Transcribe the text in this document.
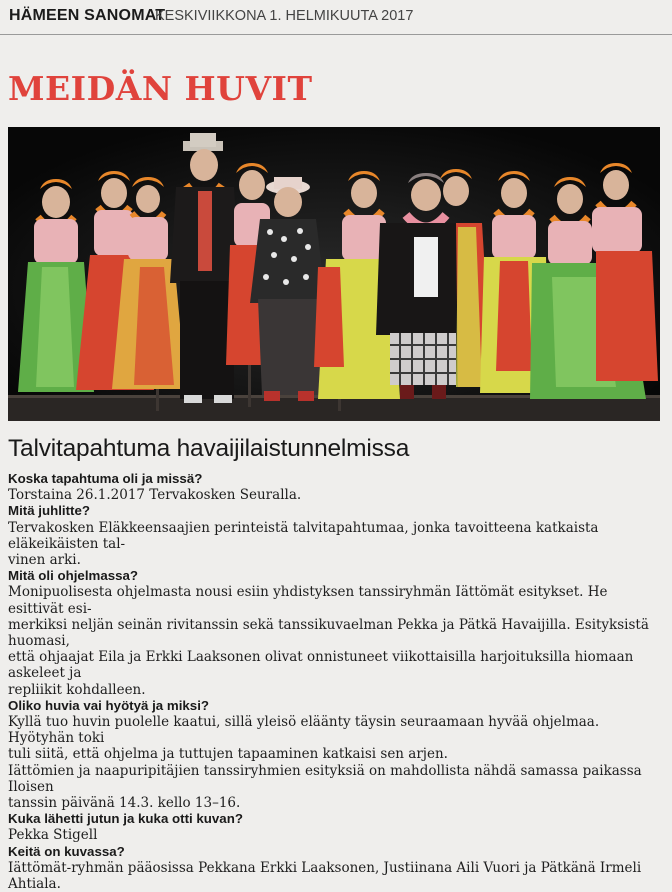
HÄMEEN SANOMAT
KESKIVIIKKONA 1. HELMIKUUTA 2017
MEIDÄN HUVIT
Talvitapahtuma havaijilaistunnelmissa
Koska tapahtuma oli ja missä?
Torstaina 26.1.2017 Tervakosken Seuralla.
Mitä juhlitte?
Tervakosken Eläkkeensaajien perinteistä talvitapahtumaa, jonka tavoitteena katkaista eläkeikäisten tal-
vinen arki.
Mitä oli ohjelmassa?
Monipuolisesta ohjelmasta nousi esiin yhdistyksen tanssiryhmän Iättömät esitykset. He esittivät esi-
merkiksi neljän seinän rivitanssin sekä tanssikuvaelman Pekka ja Pätkä Havaijilla. Esityksistä huomasi,
että ohjaajat Eila ja Erkki Laaksonen olivat onnistuneet viikottaisilla harjoituksilla hiomaan askeleet ja
repliikit kohdalleen.
Oliko huvia vai hyötyä ja miksi?
Kyllä tuo huvin puolelle kaatui, sillä yleisö eläänty täysin seuraamaan hyvää ohjelmaa. Hyötyhän toki
tuli siitä, että ohjelma ja tuttujen tapaaminen katkaisi sen arjen.
Iättömien ja naapuripitäjien tanssiryhmien esityksiä on mahdollista nähdä samassa paikassa Iloisen
tanssin päivänä 14.3. kello 13–16.
Kuka lähetti jutun ja kuka otti kuvan?
Pekka Stigell
Keitä on kuvassa?
Iättömät-ryhmän pääosissa Pekkana Erkki Laaksonen, Justiinana Aili Vuori ja Pätkänä Irmeli Ahtiala.
